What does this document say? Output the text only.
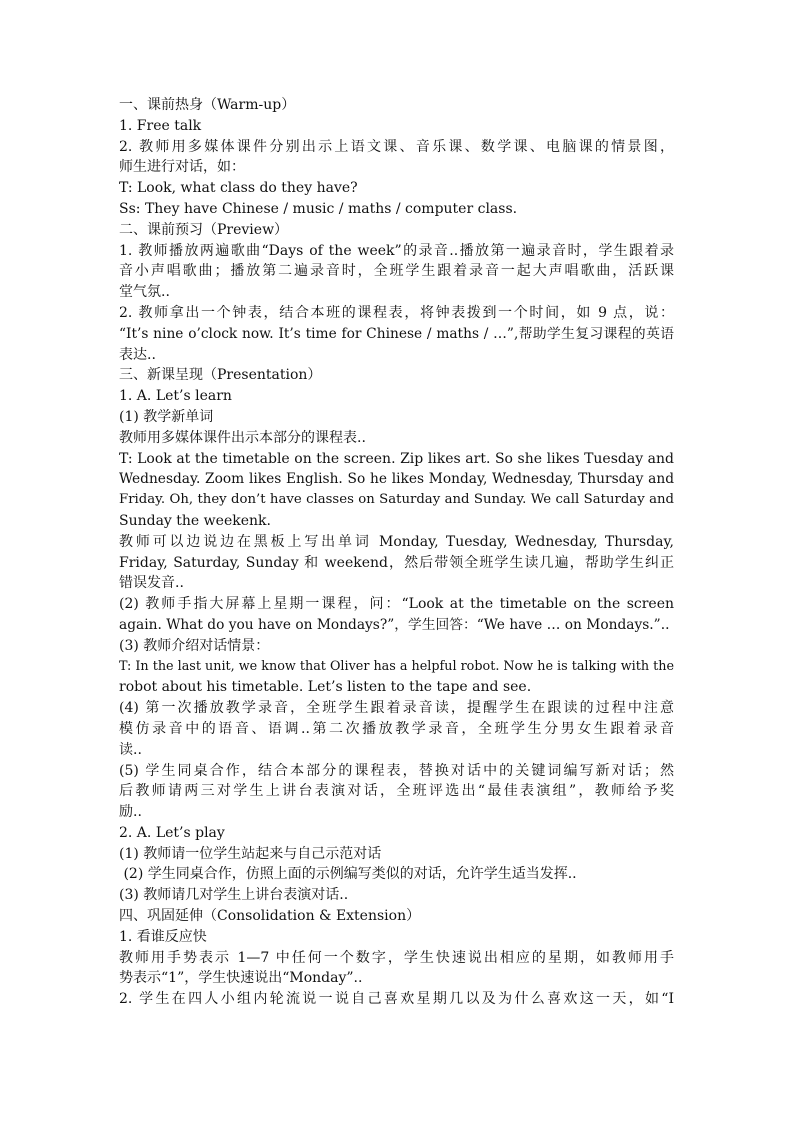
一、课前热身（Warm-up）
1. Free talk
2. 教师用多媒体课件分别出示上语文课、音乐课、数学课、电脑课的情景图，
师生进行对话，如：
T: Look, what class do they have?
Ss: They have Chinese / music / maths / computer class.
二、课前预习（Preview）
1. 教师播放两遍歌曲“Days of the week”的录音..播放第一遍录音时，学生跟着录
音小声唱歌曲；播放第二遍录音时，全班学生跟着录音一起大声唱歌曲，活跃课
堂气氛..
2. 教师拿出一个钟表，结合本班的课程表，将钟表拨到一个时间，如 9 点，说：
“It’s nine o’clock now. It’s time for Chinese / maths / …”,帮助学生复习课程的英语
表达..
三、新课呈现（Presentation）
1. A. Let’s learn
(1) 教学新单词
教师用多媒体课件出示本部分的课程表..
T: Look at the timetable on the screen. Zip likes art. So she likes Tuesday and
Wednesday. Zoom likes English. So he likes Monday, Wednesday, Thursday and
Friday. Oh, they don’t have classes on Saturday and Sunday. We call Saturday and
Sunday the weekenk.
教师可以边说边在黑板上写出单词 Monday, Tuesday, Wednesday, Thursday,
Friday, Saturday, Sunday 和 weekend，然后带领全班学生读几遍，帮助学生纠正
错误发音..
(2) 教师手指大屏幕上星期一课程，问：“Look at the timetable on the screen
again. What do you have on Mondays?”，学生回答：“We have … on Mondays.”..
(3) 教师介绍对话情景：
T: In the last unit, we know that Oliver has a helpful robot. Now he is talking with the
robot about his timetable. Let’s listen to the tape and see.
(4) 第一次播放教学录音，全班学生跟着录音读，提醒学生在跟读的过程中注意
模仿录音中的语音、语调..第二次播放教学录音，全班学生分男女生跟着录音
读..
(5) 学生同桌合作，结合本部分的课程表，替换对话中的关键词编写新对话；然
后教师请两三对学生上讲台表演对话，全班评选出“最佳表演组”，教师给予奖
励..
2. A. Let’s play
(1) 教师请一位学生站起来与自己示范对话
(2) 学生同桌合作，仿照上面的示例编写类似的对话，允许学生适当发挥..
(3) 教师请几对学生上讲台表演对话..
四、巩固延伸（Consolidation & Extension）
1. 看谁反应快
教师用手势表示 1—7 中任何一个数字，学生快速说出相应的星期，如教师用手
势表示“1”，学生快速说出“Monday”..
2. 学生在四人小组内轮流说一说自己喜欢星期几以及为什么喜欢这一天，如“I
